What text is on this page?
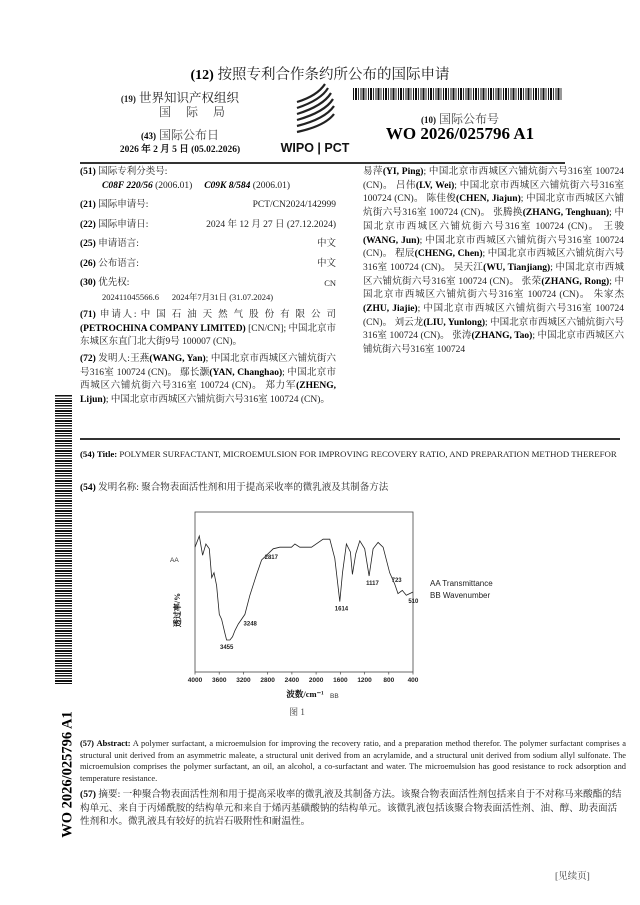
(12) 按照专利合作条约所公布的国际申请
(19) 世界知识产权组织
国 际 局
(43) 国际公布日
2026 年 2 月 5 日 (05.02.2026)	WIPO | PCT
(10) 国际公布号
WO 2026/025796 A1
(51) 国际专利分类号:
C08F 220/56 (2006.01) C09K 8/584 (2006.01)
(21) 国际申请号:	PCT/CN2024/142999
(22) 国际申请日:	2024 年 12 月 27 日 (27.12.2024)
(25) 申请语言:	中文
(26) 公布语言:	中文
(30) 优先权:
202411045566.6 2024年7月31日 (31.07.2024)
CN
(71) 申请人: 中 国 石 油 天 然 气 股 份 有 限 公 司 (PETROCHINA COMPANY LIMITED) [CN/CN]; 中国北京市东城区东直门北大街9号 100007 (CN)。
(72) 发明人:王燕(WANG, Yan); 中国北京市西城区六铺炕街六号316室 100724 (CN)。 鄢长灏(YAN, Changhao); 中国北京市西城区六铺炕街六号316室 100724 (CN)。 郑力军(ZHENG, Lijun); 中国北京市西城区六铺炕街六号316室 100724 (CN)。
易萍(YI, Ping); 中国北京市西城区六铺炕街六号316室 100724 (CN)。 吕伟(LV, Wei); 中国北京市西城区六铺炕街六号316室 100724 (CN)。 陈佳俊(CHEN, Jiajun); 中国北京市西城区六铺炕街六号316室 100724 (CN)。 张腾换(ZHANG, Tenghuan); 中国北京市西城区六铺炕街六号316室 100724 (CN)。 王骏(WANG, Jun); 中国北京市西城区六铺炕街六号316室 100724 (CN)。 程辰(CHENG, Chen); 中国北京市西城区六铺炕街六号316室 100724 (CN)。 吴天江(WU, Tianjiang); 中国北京市西城区六铺炕街六号316室 100724 (CN)。 张荣(ZHANG, Rong); 中国北京市西城区六铺炕街六号316室 100724 (CN)。 朱家杰(ZHU, Jiajie); 中国北京市西城区六铺炕街六号316室 100724 (CN)。 刘云龙(LIU, Yunlong); 中国北京市西城区六铺炕街六号316室 100724 (CN)。 张涛(ZHANG, Tao); 中国北京市西城区六铺炕街六号316室 100724
(54) Title: POLYMER SURFACTANT, MICROEMULSION FOR IMPROVING RECOVERY RATIO, AND PREPARATION METHOD THEREFOR
(54) 发明名称: 聚合物表面活性剂和用于提高采收率的微乳液及其制备方法
4000 3600 3200 2800 2400 2000 1600 1200 800 400
3455
3248
2817
1614
1117 723
510
AA
透过率/%
波数/cm⁻¹ BB
图 1
AA Transmittance
BB Wavenumber
(57) Abstract: A polymer surfactant, a microemulsion for improving the recovery ratio, and a preparation method therefor. The polymer surfactant comprises a structural unit derived from an asymmetric maleate, a structural unit derived from an acrylamide, and a structural unit derived from sodium allyl sulfonate. The microemulsion comprises the polymer surfactant, an oil, an alcohol, a co-surfactant and water. The microemulsion has good resistance to rock adsorption and temperature resistance.
(57) 摘要: 一种聚合物表面活性剂和用于提高采收率的微乳液及其制备方法。该聚合物表面活性剂包括来自于不对称马来酸酯的结构单元、来自于丙烯酰胺的结构单元和来自于烯丙基磺酸钠的结构单元。该微乳液包括该聚合物表面活性剂、油、醇、助表面活性剂和水。微乳液具有较好的抗岩石吸附性和耐温性。
WO 2026/025796 A1
[见续页]
